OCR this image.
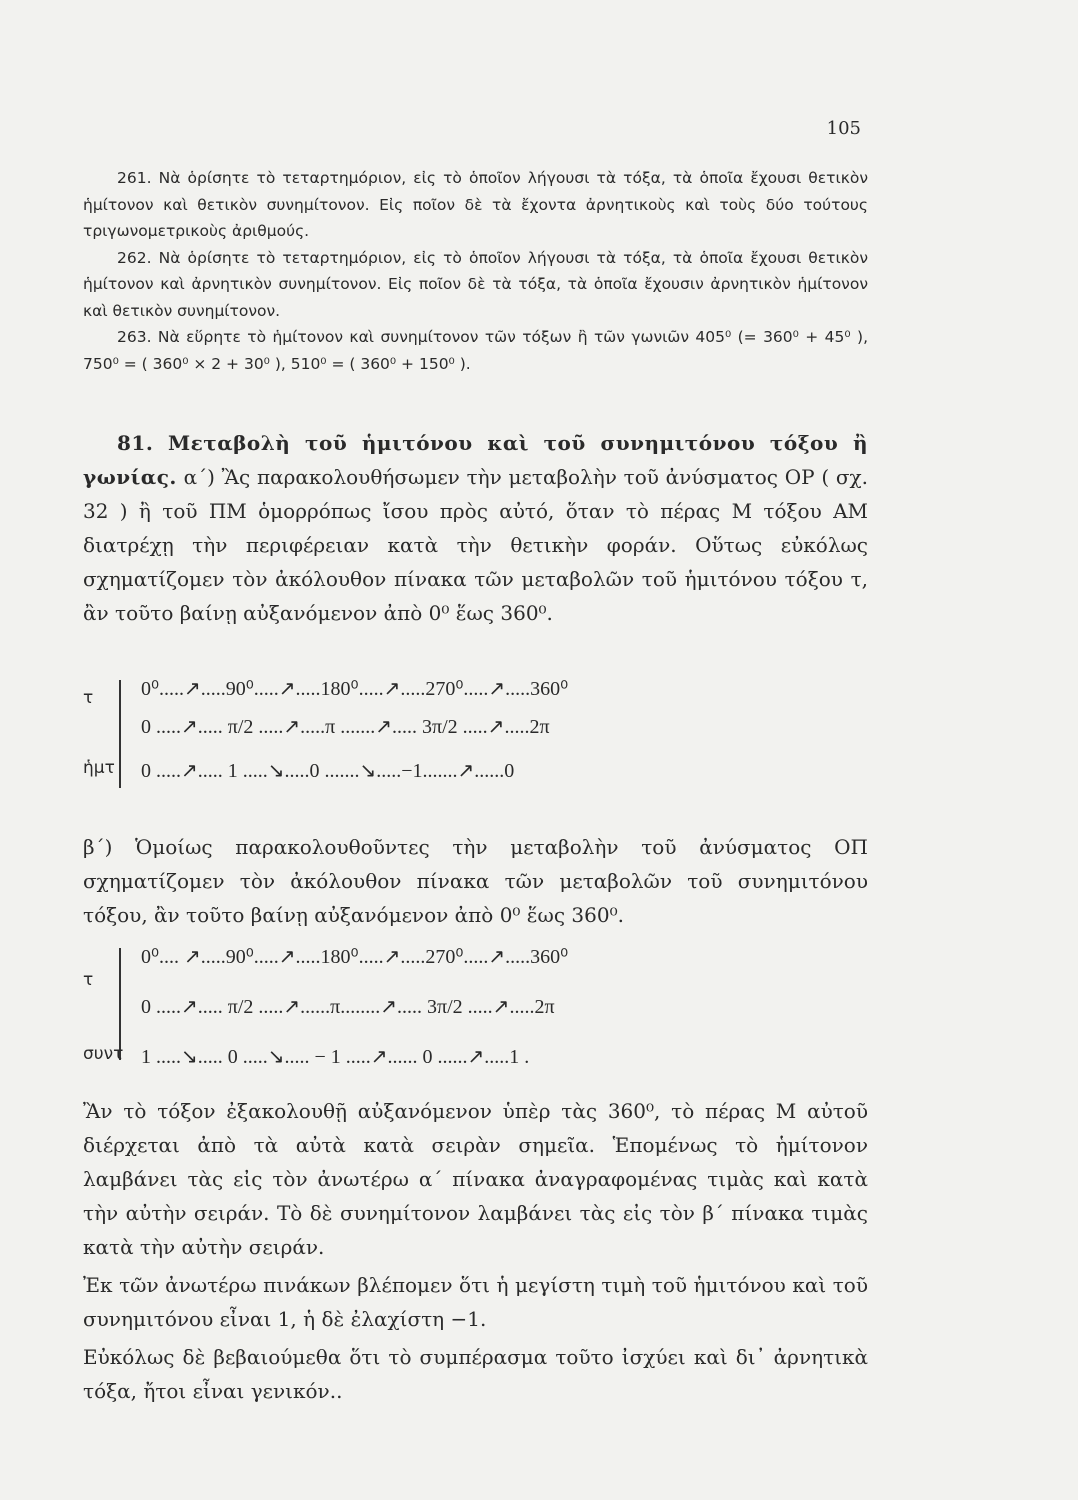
105

261. Νὰ ὁρίσητε τὸ τεταρτημόριον, εἰς τὸ ὁποῖον λήγουσι τὰ τόξα, τὰ ὁποῖα ἔχουσι θετικὸν ἡμίτονον καὶ θετικὸν συνημίτονον. Εἰς ποῖον δὲ τὰ ἔχοντα ἀρνητικοὺς καὶ τοὺς δύο τούτους τριγωνομετρικοὺς ἀριθμούς.

262. Νὰ ὁρίσητε τὸ τεταρτημόριον, εἰς τὸ ὁποῖον λήγουσι τὰ τόξα, τὰ ὁποῖα ἔχουσι θετικὸν ἡμίτονον καὶ ἀρνητικὸν συνημίτονον. Εἰς ποῖον δὲ τὰ τόξα, τὰ ὁποῖα ἔχουσιν ἀρνητικὸν ἡμίτονον καὶ θετικὸν συνημίτονον.

263. Νὰ εὕρητε τὸ ἡμίτονον καὶ συνημίτονον τῶν τόξων ἢ τῶν γωνιῶν 405⁰ (= 360⁰ + 45⁰ ), 750⁰ = ( 360⁰ × 2 + 30⁰ ), 510⁰ = ( 360⁰ + 150⁰ ).

81. Μεταβολὴ τοῦ ἡμιτόνου καὶ τοῦ συνημιτόνου τόξου ἢ γωνίας. α΄) Ἂς παρακολουθήσωμεν τὴν μεταβολὴν τοῦ ἀνύσματος ΟΡ ( σχ. 32 ) ἢ τοῦ ΠΜ ὁμορρόπως ἴσου πρὸς αὐτό, ὅταν τὸ πέρας Μ τόξου ΑΜ διατρέχῃ τὴν περιφέρειαν κατὰ τὴν θετικὴν φοράν. Οὕτως εὐκόλως σχηματίζομεν τὸν ἀκόλουθον πίνακα τῶν μεταβολῶν τοῦ ἡμιτόνου τόξου τ, ἂν τοῦτο βαίνῃ αὐξανόμενον ἀπὸ 0⁰ ἕως 360⁰.

τ	0⁰.....↗.....90⁰.....↗.....180⁰.....↗.....270⁰.....↗.....360⁰
0 .....↗..... π/2 .....↗.....π .......↗..... 3π/2 .....↗.....2π
ἡμτ	0 .....↗..... 1 .....↘.....0 .......↘.....−1.......↗......0

β΄) Ὁμοίως παρακολουθοῦντες τὴν μεταβολὴν τοῦ ἀνύσματος ΟΠ σχηματίζομεν τὸν ἀκόλουθον πίνακα τῶν μεταβολῶν τοῦ συνημιτόνου τόξου, ἂν τοῦτο βαίνῃ αὐξανόμενον ἀπὸ 0⁰ ἕως 360⁰.

τ
0⁰.... ↗.....90⁰.....↗.....180⁰.....↗.....270⁰.....↗.....360⁰
0 .....↗..... π/2 .....↗......π........↗..... 3π/2 .....↗.....2π
συντ 1 .....↘..... 0 .....↘..... − 1 .....↗...... 0 ......↗.....1 .

Ἂν τὸ τόξον ἐξακολουθῇ αὐξανόμενον ὑπὲρ τὰς 360⁰, τὸ πέρας Μ αὐτοῦ διέρχεται ἀπὸ τὰ αὐτὰ κατὰ σειρὰν σημεῖα. Ἑπομένως τὸ ἡμίτονον λαμβάνει τὰς εἰς τὸν ἀνωτέρω α΄ πίνακα ἀναγραφομένας τιμὰς καὶ κατὰ τὴν αὐτὴν σειράν. Τὸ δὲ συνημίτονον λαμβάνει τὰς εἰς τὸν β΄ πίνακα τιμὰς κατὰ τὴν αὐτὴν σειράν.

Ἐκ τῶν ἀνωτέρω πινάκων βλέπομεν ὅτι ἡ μεγίστη τιμὴ τοῦ ἡμιτόνου καὶ τοῦ συνημιτόνου εἶναι 1, ἡ δὲ ἐλαχίστη −1.

Εὐκόλως δὲ βεβαιούμεθα ὅτι τὸ συμπέρασμα τοῦτο ἰσχύει καὶ δι᾽ ἀρνητικὰ τόξα, ἤτοι εἶναι γενικόν..
